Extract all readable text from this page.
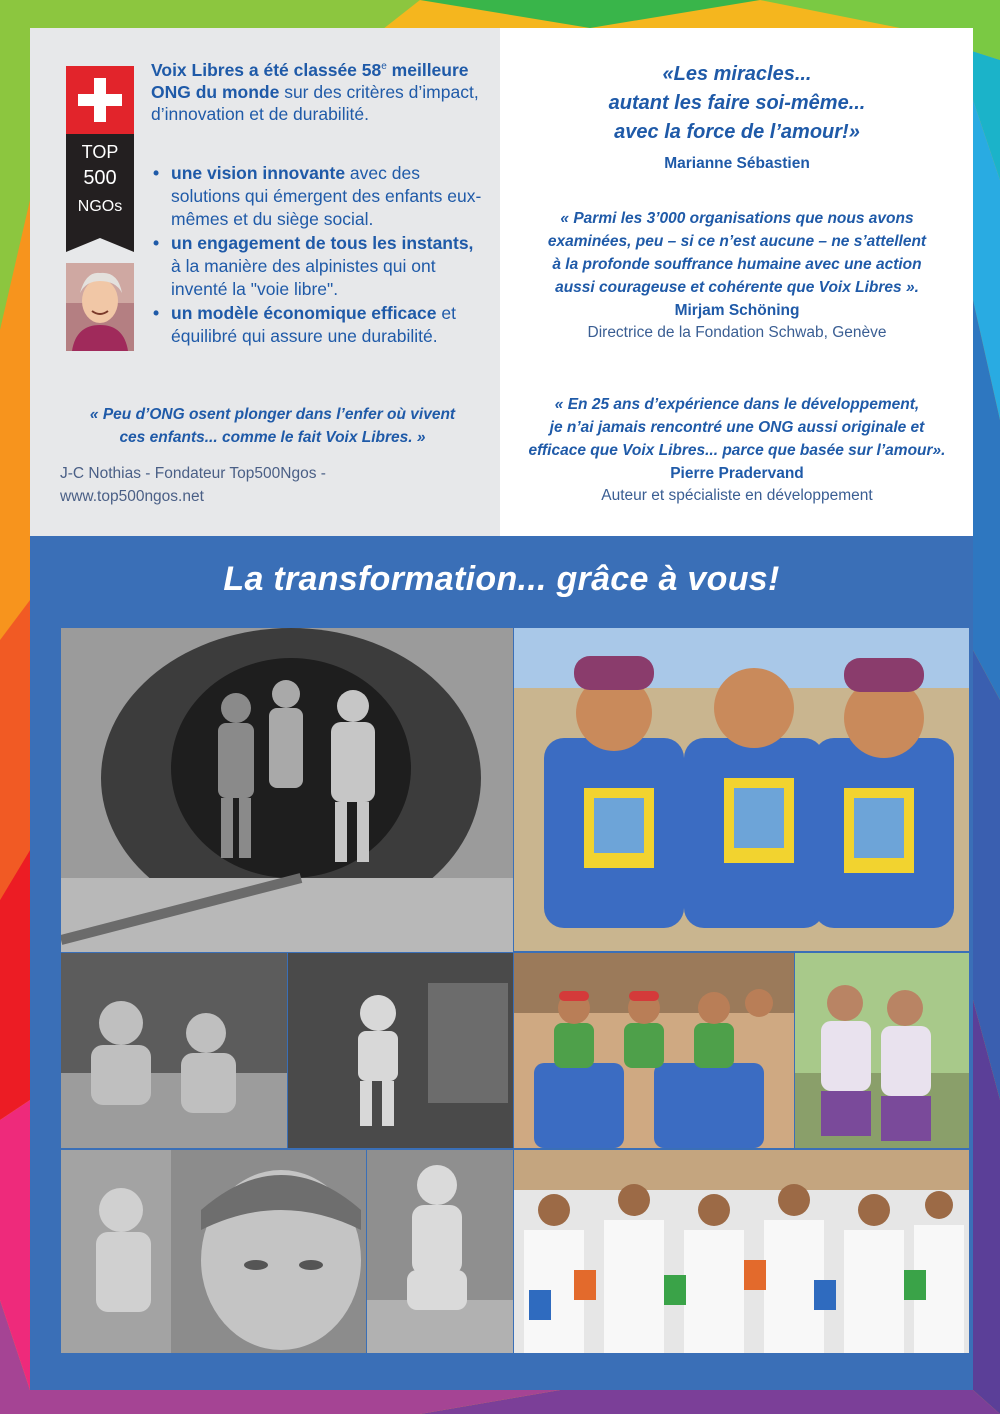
TOP
500
NGOs
Voix Libres a été classée 58e meilleure ONG du monde sur des critères d’impact, d’innovation et de durabilité.
• une vision innovante avec des solutions qui émergent des enfants eux-mêmes et du siège social.
• un engagement de tous les instants, à la manière des alpinistes qui ont inventé la "voie libre".
• un modèle économique efficace et équilibré qui assure une durabilité.
« Peu d’ONG osent plonger dans l’enfer où vivent
ces enfants... comme le fait Voix Libres. »
J-C Nothias - Fondateur Top500Ngos -
www.top500ngos.net
«Les miracles...
autant les faire soi-même...
avec la force de l’amour!»
Marianne Sébastien
« Parmi les 3’000 organisations que nous avons
examinées, peu – si ce n’est aucune – ne s’attellent
à la profonde souffrance humaine avec une action
aussi courageuse et cohérente que Voix Libres ».
Mirjam Schöning
Directrice de la Fondation Schwab, Genève
« En 25 ans d’expérience dans le développement,
je n’ai jamais rencontré une ONG aussi originale et
efficace que Voix Libres... parce que basée sur l’amour».
Pierre Pradervand
Auteur et spécialiste en développement
La transformation... grâce à vous!
